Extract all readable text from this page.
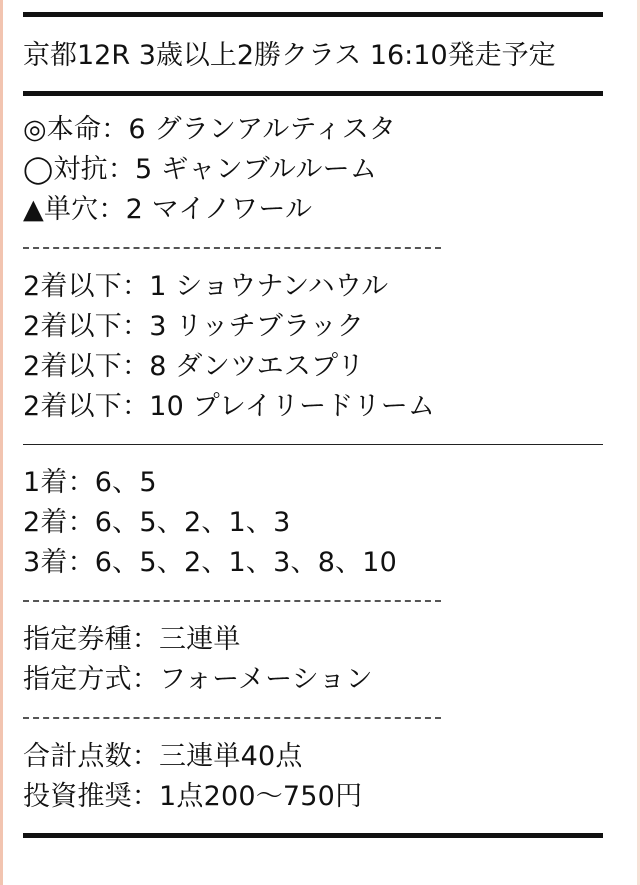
京都12R 3歳以上2勝クラス 16:10発走予定
◎本命：6 グランアルティスタ
◯対抗：5 ギャンブルルーム
▲単穴：2 マイノワール
2着以下：1 ショウナンハウル
2着以下：3 リッチブラック
2着以下：8 ダンツエスプリ
2着以下：10 プレイリードリーム
1着：6、5
2着：6、5、2、1、3
3着：6、5、2、1、3、8、10
指定券種：三連単
指定方式：フォーメーション
合計点数：三連単40点
投資推奨：1点200〜750円
